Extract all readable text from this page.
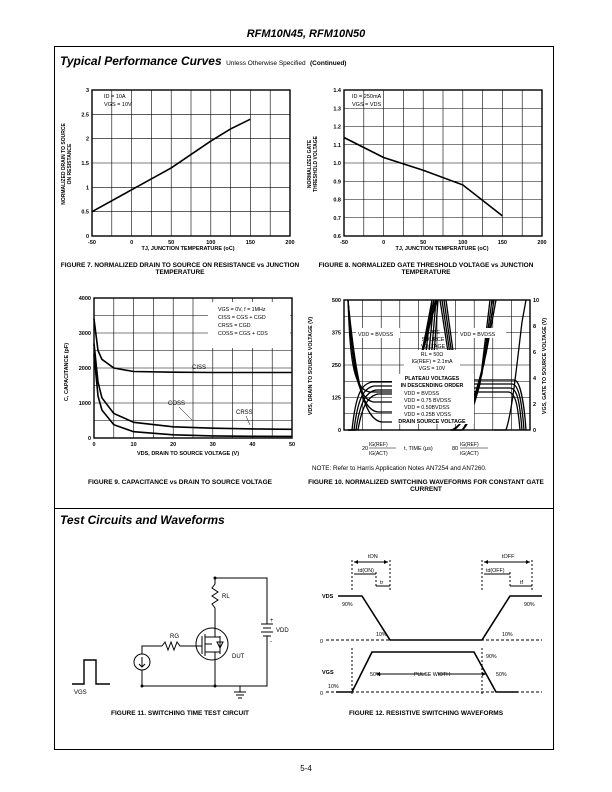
RFM10N45, RFM10N50
Typical Performance Curves Unless Otherwise Specified (Continued)
-50	0	50	100	150	200
0
0.5
1
1.5
2
2.5
3
ID = 10A
VGS = 10V
TJ, JUNCTION TEMPERATURE (oC)
NORMALIZED DRAIN TO SOURCE ON RESISTANCE
FIGURE 7. NORMALIZED DRAIN TO SOURCE ON RESISTANCE vs JUNCTION TEMPERATURE
-50	0	50	100	150	200
0.6
0.7
0.8
0.9
1.0
1.1
1.2
1.3
1.4
ID = 250mA
VGS = VDS
TJ, JUNCTION TEMPERATURE (oC)
NORMALIZED GATE THRESHOLD VOLTAGE
FIGURE 8. NORMALIZED GATE THRESHOLD VOLTAGE vs JUNCTION TEMPERATURE
0	10	20	30	40	50
0
1000
2000
3000
4000
VGS = 0V, f = 1MHz
CISS = CGS + CGD
CRSS = CGD
COSS = CGS + CDS
CISS
COSS
CRSS
VDS, DRAIN TO SOURCE VOLTAGE (V)
C, CAPACITANCE (pF)
FIGURE 9. CAPACITANCE vs DRAIN TO SOURCE VOLTAGE
0
125
250
375
500
0
2
4
6
8
10
VDD = BVDSS	VDD = BVDSS
GATE
SOURCE
VOLTAGE
RL = 50Ω
IG(REF) = 2.1mA
VGS = 10V
PLATEAU VOLTAGES
IN DESCENDING ORDER
VDD = BVDSS
VDD = 0.75 BVDSS
VDD = 0.50BVDSS
VDD = 0.25B VDSS
DRAIN SOURCE VOLTAGE
20
IG(REF)
IG(ACT)
t, TIME (μs)	80
IG(REF)
IG(ACT)
VDS, DRAIN TO SOURCE VOLTAGE (V)	VGS, GATE TO SOURCE VOLTAGE (V)
NOTE: Refer to Harris Application Notes AN7254 and AN7260.
FIGURE 10. NORMALIZED SWITCHING WAVEFORMS FOR CONSTANT GATE CURRENT
Test Circuits and Waveforms
RL
RG
VDD
+
-
DUT
VGS
FIGURE 11. SWITCHING TIME TEST CIRCUIT
tON	tOFF
td(ON)	td(OFF)
tr	tf
VDS
90%	90%
10%	10%
0
VGS
0
90%
50%	50%
10%
PULSE WIDTH
FIGURE 12. RESISTIVE SWITCHING WAVEFORMS
5-4
